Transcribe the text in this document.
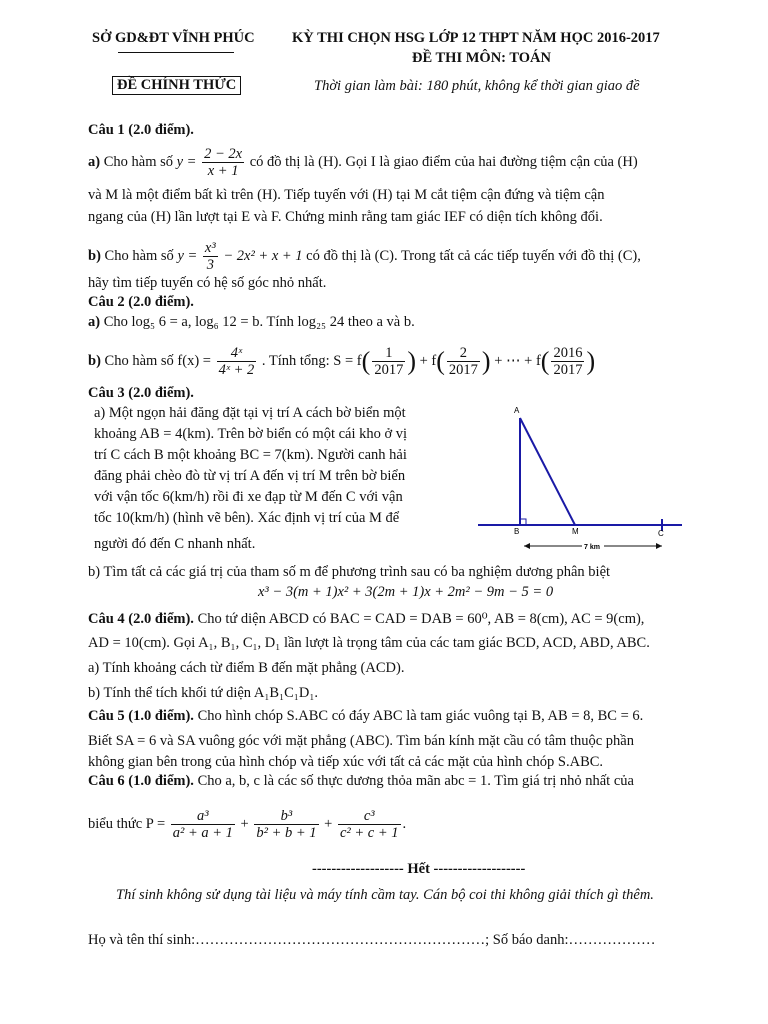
SỞ GD&ĐT VĨNH PHÚC	KỲ THI CHỌN HSG LỚP 12 THPT NĂM HỌC 2016-2017
ĐỀ THI MÔN: TOÁN
ĐỀ CHÍNH THỨC	Thời gian làm bài: 180 phút, không kể thời gian giao đề
Câu 1 (2.0 điểm).
a) Cho hàm số $y = \frac{2 - 2x}{x + 1}$ có đồ thị là (H). Gọi I là giao điểm của hai đường tiệm cận của (H)
và M là một điểm bất kì trên (H). Tiếp tuyến với (H) tại M cắt tiệm cận đứng và tiệm cận
ngang của (H) lần lượt tại E và F. Chứng minh rằng tam giác IEF có diện tích không đổi.
b) Cho hàm số $y = \frac{\text{x³}}{3} - 2x^2 + x + 1$ có đồ thị là (C). Trong tất cả các tiếp tuyến với đồ thị (C),
hãy tìm tiếp tuyến có hệ số góc nhỏ nhất.
Câu 2 (2.0 điểm).
a) Cho log₅ 6 = a, log₆ 12 = b. Tính log₂₅ 24 theo a và b.
b) Cho hàm số $f(x) = \frac{\text{4ˣ}}{\text{4ˣ + 2}}$ . Tính tổng: $S = f( \frac{1}{2017}$ ) + $f( \frac{2}{2017}$ ) + ⋯ + $f( \frac{2016}{2017}$ )
Câu 3 (2.0 điểm).
a) Một ngọn hải đăng đặt tại vị trí A cách bờ biển một
khoảng AB = 4(km). Trên bờ biển có một cái kho ở vị
trí C cách B một khoảng BC = 7(km). Người canh hải
đăng phải chèo đò từ vị trí A đến vị trí M trên bờ biển
với vận tốc 6(km/h) rồi đi xe đạp từ M đến C với vận
tốc 10(km/h) (hình vẽ bên). Xác định vị trí của M để
người đó đến C nhanh nhất.
A
B	M	C
7 km
b) Tìm tất cả các giá trị của tham số m để phương trình sau có ba nghiệm dương phân biệt
x³ − 3(m + 1)x² + 3(2m + 1)x + 2m² − 9m − 5 = 0
Câu 4 (2.0 điểm). Cho tứ diện ABCD có BAC = CAD = DAB = 60⁰, AB = 8(cm), AC = 9(cm),
AD = 10(cm). Gọi A₁, B₁, C₁, D₁ lần lượt là trọng tâm của các tam giác BCD, ACD, ABD, ABC.
a) Tính khoảng cách từ điểm B đến mặt phẳng (ACD).
b) Tính thể tích khối tứ diện A₁B₁C₁D₁.
Câu 5 (1.0 điểm). Cho hình chóp S.ABC có đáy ABC là tam giác vuông tại B, AB = 8, BC = 6.
Biết SA = 6 và SA vuông góc với mặt phẳng (ABC). Tìm bán kính mặt cầu có tâm thuộc phần
không gian bên trong của hình chóp và tiếp xúc với tất cả các mặt của hình chóp S.ABC.
Câu 6 (1.0 điểm). Cho a, b, c là các số thực dương thỏa mãn abc = 1. Tìm giá trị nhỏ nhất của
biểu thức $P = \frac{\text{a³}}{\text{a² + a + 1}} + \frac{\text{b³}}{\text{b² + b + 1}} + \frac{\text{c³}}{\text{c² + c + 1}}$ .
------------------- Hết -------------------
Thí sinh không sử dụng tài liệu và máy tính cầm tay. Cán bộ coi thi không giải thích gì thêm.
Họ và tên thí sinh:……………………………………………………; Số báo danh:………………
